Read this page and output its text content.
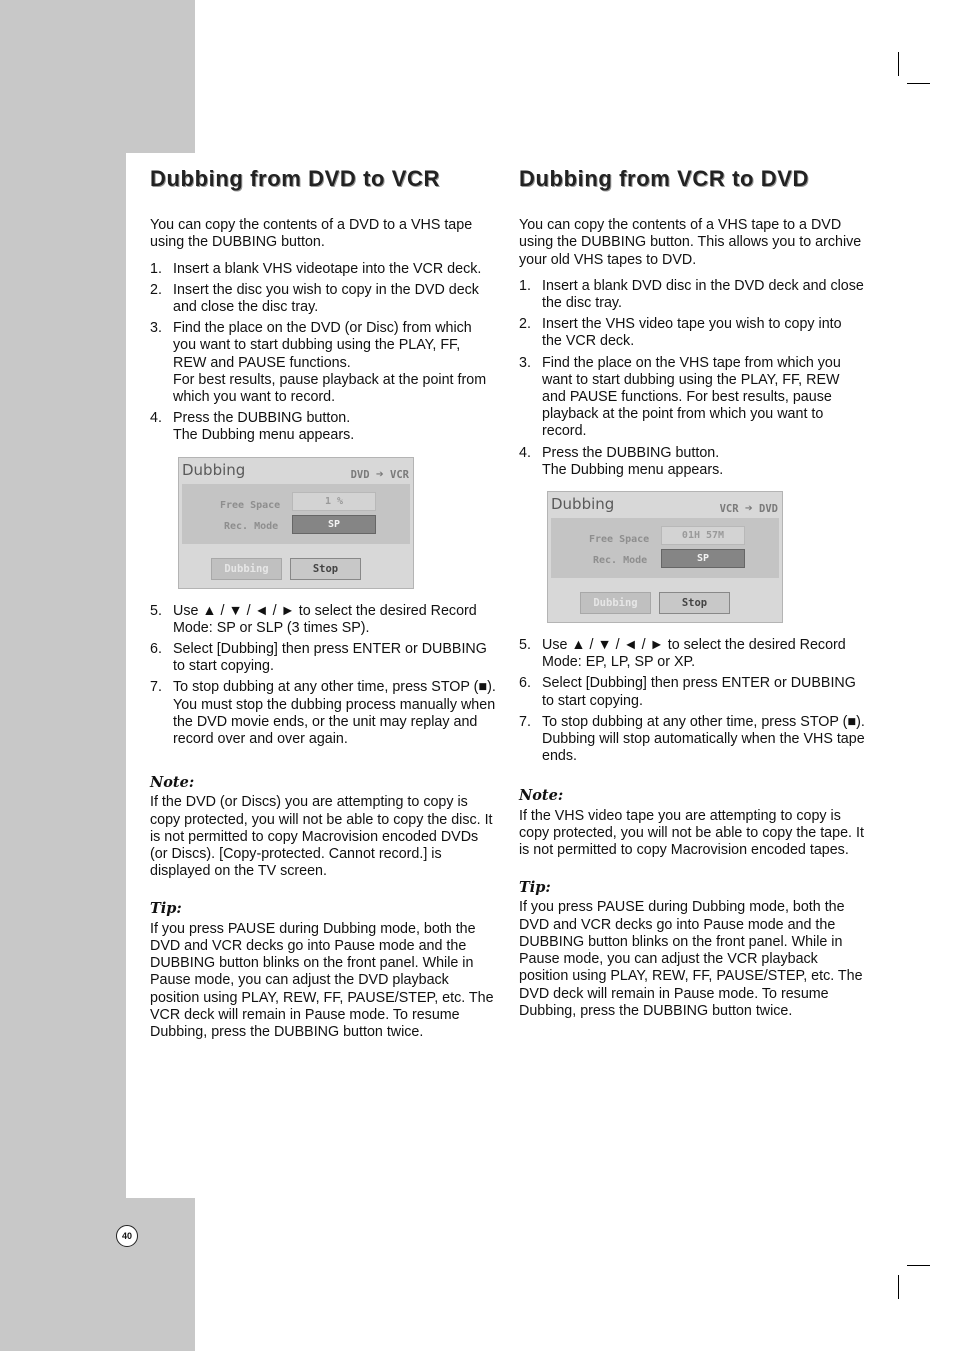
Dubbing from DVD to VCR

You can copy the contents of a DVD to a VHS tape using the DUBBING button.

1. Insert a blank VHS videotape into the VCR deck.
2. Insert the disc you wish to copy in the DVD deck and close the disc tray.
3. Find the place on the DVD (or Disc) from which you want to start dubbing using the PLAY, FF, REW and PAUSE functions.
For best results, pause playback at the point from which you want to record.
4. Press the DUBBING button.
The Dubbing menu appears.
Dubbing	DVD ➔ VCR
Free Space	1 %
Rec. Mode	SP
Dubbing	Stop
5. Use ▲ / ▼ / ◄ / ► to select the desired Record Mode: SP or SLP (3 times SP).
6. Select [Dubbing] then press ENTER or DUBBING to start copying.
7. To stop dubbing at any other time, press STOP (■).
You must stop the dubbing process manually when the DVD movie ends, or the unit may replay and record over and over again.

Note:

If the DVD (or Discs) you are attempting to copy is copy protected, you will not be able to copy the disc. It is not permitted to copy Macrovision encoded DVDs (or Discs). [Copy-protected. Cannot record.] is displayed on the TV screen.

Tip:

If you press PAUSE during Dubbing mode, both the DVD and VCR decks go into Pause mode and the DUBBING button blinks on the front panel. While in Pause mode, you can adjust the DVD playback position using PLAY, REW, FF, PAUSE/STEP, etc. The VCR deck will remain in Pause mode. To resume Dubbing, press the DUBBING button twice.

Dubbing from VCR to DVD

You can copy the contents of a VHS tape to a DVD using the DUBBING button. This allows you to archive your old VHS tapes to DVD.

1. Insert a blank DVD disc in the DVD deck and close the disc tray.
2. Insert the VHS video tape you wish to copy into the VCR deck.
3. Find the place on the VHS tape from which you want to start dubbing using the PLAY, FF, REW and PAUSE functions. For best results, pause playback at the point from which you want to record.
4. Press the DUBBING button.
The Dubbing menu appears.
Dubbing	VCR ➔ DVD
Free Space	01H 57M
Rec. Mode	SP
Dubbing	Stop
5. Use ▲ / ▼ / ◄ / ► to select the desired Record Mode: EP, LP, SP or XP.
6. Select [Dubbing] then press ENTER or DUBBING to start copying.
7. To stop dubbing at any other time, press STOP (■).
Dubbing will stop automatically when the VHS tape ends.

Note:

If the VHS video tape you are attempting to copy is copy protected, you will not be able to copy the tape. It is not permitted to copy Macrovision encoded tapes.

Tip:

If you press PAUSE during Dubbing mode, both the DVD and VCR decks go into Pause mode and the DUBBING button blinks on the front panel. While in Pause mode, you can adjust the VCR playback position using PLAY, REW, FF, PAUSE/STEP, etc. The DVD deck will remain in Pause mode. To resume Dubbing, press the DUBBING button twice.

40
